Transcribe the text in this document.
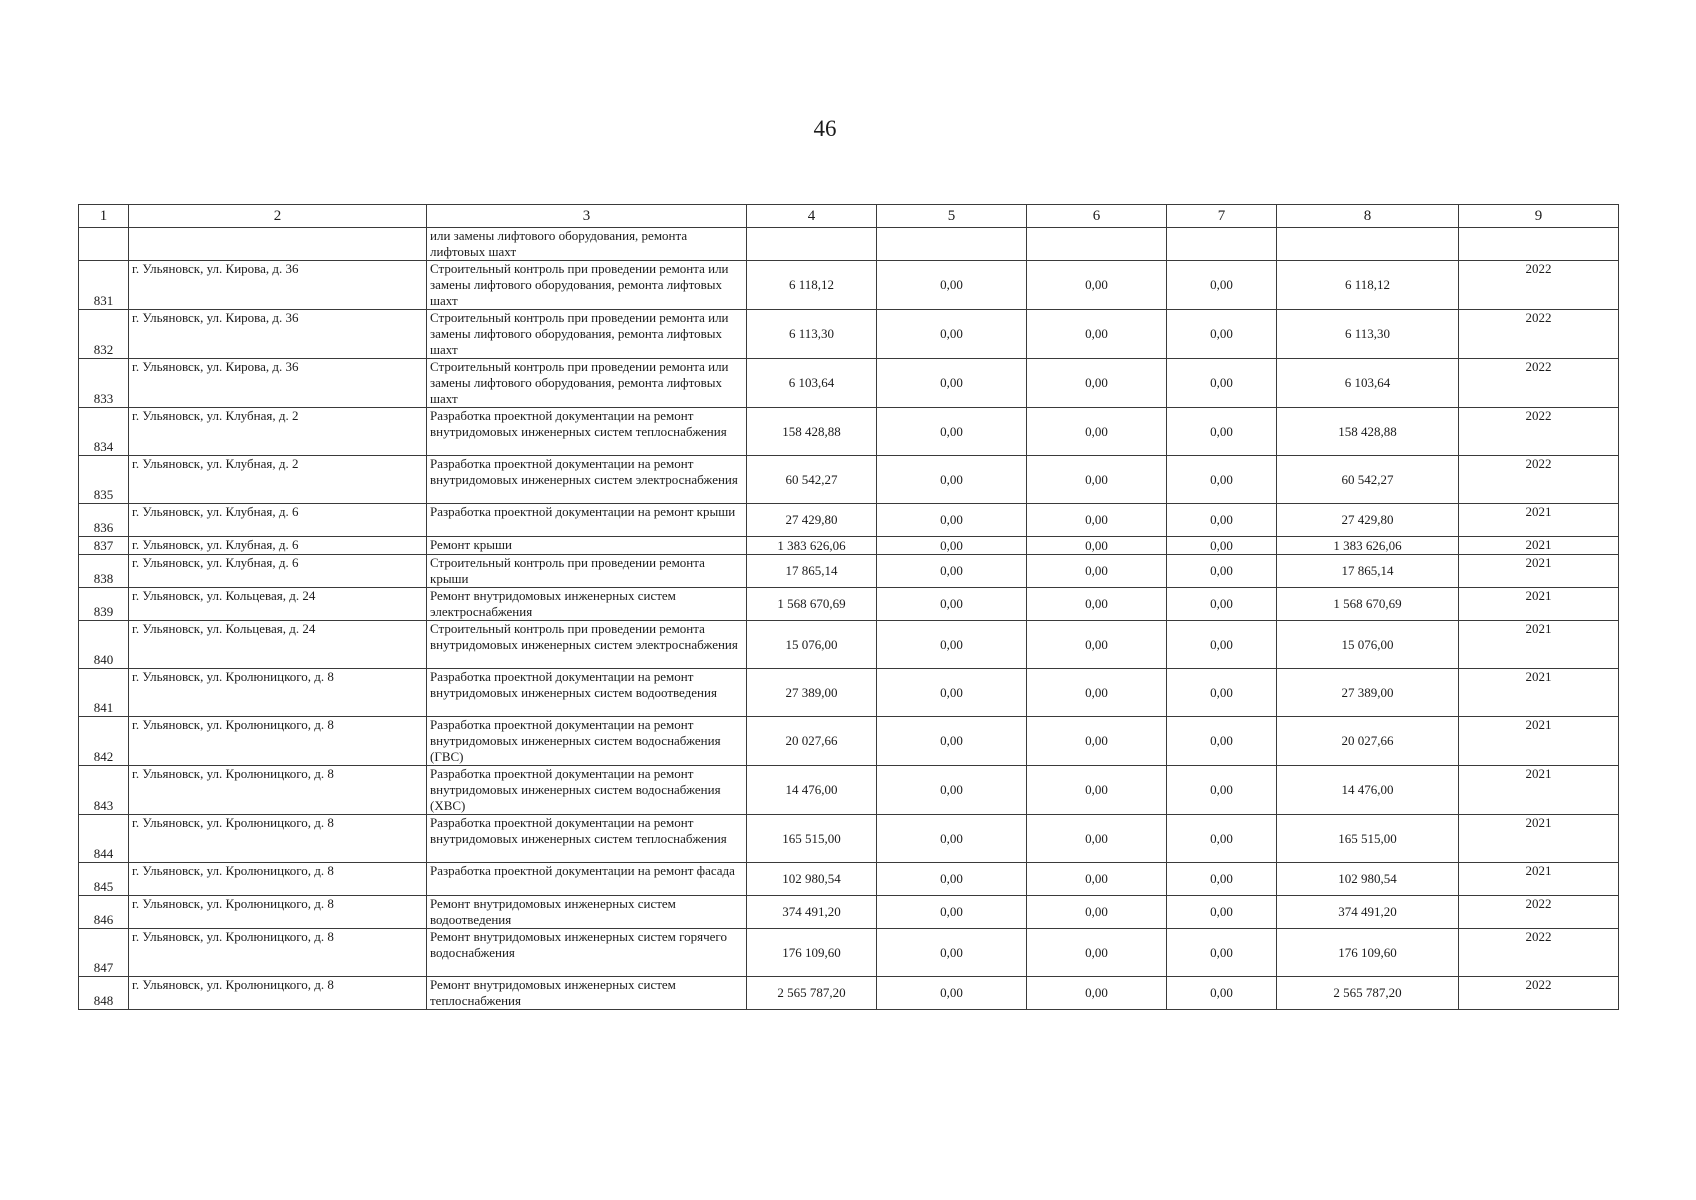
46
1	2	3	4	5	6	7	8	9
		или замены лифтового оборудования, ремонта лифтовых шахт						
831	г. Ульяновск, ул. Кирова, д. 36	Строительный контроль при проведении ремонта или замены лифтового оборудования, ремонта лифтовых шахт	6 118,12	0,00	0,00	0,00	6 118,12	2022
832	г. Ульяновск, ул. Кирова, д. 36	Строительный контроль при проведении ремонта или замены лифтового оборудования, ремонта лифтовых шахт	6 113,30	0,00	0,00	0,00	6 113,30	2022
833	г. Ульяновск, ул. Кирова, д. 36	Строительный контроль при проведении ремонта или замены лифтового оборудования, ремонта лифтовых шахт	6 103,64	0,00	0,00	0,00	6 103,64	2022
834	г. Ульяновск, ул. Клубная, д. 2	Разработка проектной документации на ремонт внутридомовых инженерных систем теплоснабжения	158 428,88	0,00	0,00	0,00	158 428,88	2022
835	г. Ульяновск, ул. Клубная, д. 2	Разработка проектной документации на ремонт внутридомовых инженерных систем электроснабжения	60 542,27	0,00	0,00	0,00	60 542,27	2022
836	г. Ульяновск, ул. Клубная, д. 6	Разработка проектной документации на ремонт крыши	27 429,80	0,00	0,00	0,00	27 429,80	2021
837	г. Ульяновск, ул. Клубная, д. 6	Ремонт крыши	1 383 626,06	0,00	0,00	0,00	1 383 626,06	2021
838	г. Ульяновск, ул. Клубная, д. 6	Строительный контроль при проведении ремонта крыши	17 865,14	0,00	0,00	0,00	17 865,14	2021
839	г. Ульяновск, ул. Кольцевая, д. 24	Ремонт внутридомовых инженерных систем электроснабжения	1 568 670,69	0,00	0,00	0,00	1 568 670,69	2021
840	г. Ульяновск, ул. Кольцевая, д. 24	Строительный контроль при проведении ремонта внутридомовых инженерных систем электроснабжения	15 076,00	0,00	0,00	0,00	15 076,00	2021
841	г. Ульяновск, ул. Кролюницкого, д. 8	Разработка проектной документации на ремонт внутридомовых инженерных систем водоотведения	27 389,00	0,00	0,00	0,00	27 389,00	2021
842	г. Ульяновск, ул. Кролюницкого, д. 8	Разработка проектной документации на ремонт внутридомовых инженерных систем водоснабжения (ГВС)	20 027,66	0,00	0,00	0,00	20 027,66	2021
843	г. Ульяновск, ул. Кролюницкого, д. 8	Разработка проектной документации на ремонт внутридомовых инженерных систем водоснабжения (ХВС)	14 476,00	0,00	0,00	0,00	14 476,00	2021
844	г. Ульяновск, ул. Кролюницкого, д. 8	Разработка проектной документации на ремонт внутридомовых инженерных систем теплоснабжения	165 515,00	0,00	0,00	0,00	165 515,00	2021
845	г. Ульяновск, ул. Кролюницкого, д. 8	Разработка проектной документации на ремонт фасада	102 980,54	0,00	0,00	0,00	102 980,54	2021
846	г. Ульяновск, ул. Кролюницкого, д. 8	Ремонт внутридомовых инженерных систем водоотведения	374 491,20	0,00	0,00	0,00	374 491,20	2022
847	г. Ульяновск, ул. Кролюницкого, д. 8	Ремонт внутридомовых инженерных систем горячего водоснабжения	176 109,60	0,00	0,00	0,00	176 109,60	2022
848	г. Ульяновск, ул. Кролюницкого, д. 8	Ремонт внутридомовых инженерных систем теплоснабжения	2 565 787,20	0,00	0,00	0,00	2 565 787,20	2022
